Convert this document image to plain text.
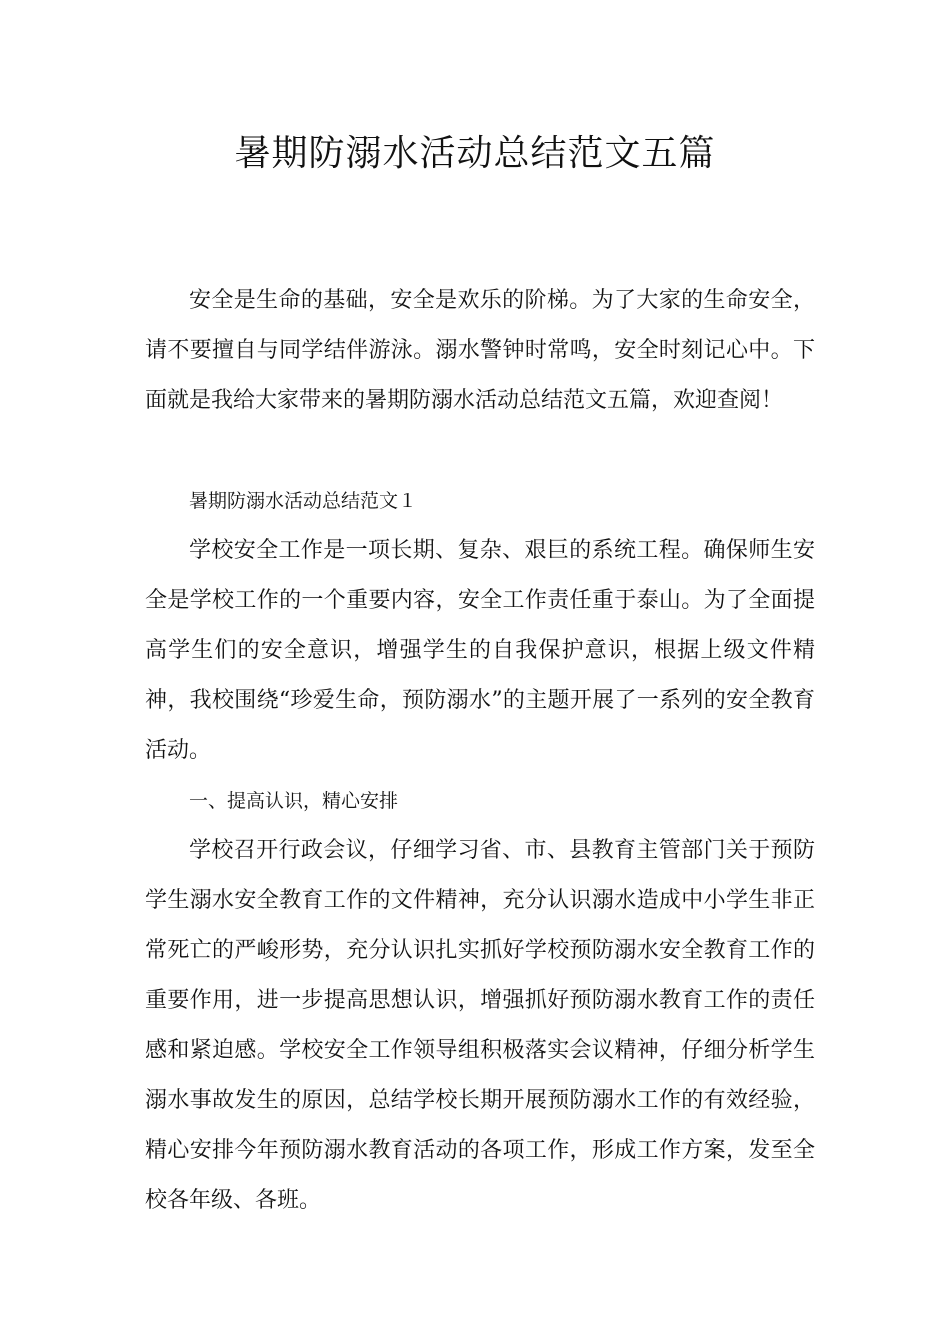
暑期防溺水活动总结范文五篇

安全是生命的基础，安全是欢乐的阶梯。为了大家的生命安全，请不要擅自与同学结伴游泳。溺水警钟时常鸣，安全时刻记心中。下面就是我给大家带来的暑期防溺水活动总结范文五篇，欢迎查阅！

暑期防溺水活动总结范文１

学校安全工作是一项长期、复杂、艰巨的系统工程。确保师生安全是学校工作的一个重要内容，安全工作责任重于泰山。为了全面提高学生们的安全意识，增强学生的自我保护意识，根据上级文件精神，我校围绕“珍爱生命，预防溺水”的主题开展了一系列的安全教育活动。

一、提高认识，精心安排

学校召开行政会议，仔细学习省、市、县教育主管部门关于预防学生溺水安全教育工作的文件精神，充分认识溺水造成中小学生非正常死亡的严峻形势，充分认识扎实抓好学校预防溺水安全教育工作的重要作用，进一步提高思想认识，增强抓好预防溺水教育工作的责任感和紧迫感。学校安全工作领导组积极落实会议精神，仔细分析学生溺水事故发生的原因，总结学校长期开展预防溺水工作的有效经验，精心安排今年预防溺水教育活动的各项工作，形成工作方案，发至全校各年级、各班。
